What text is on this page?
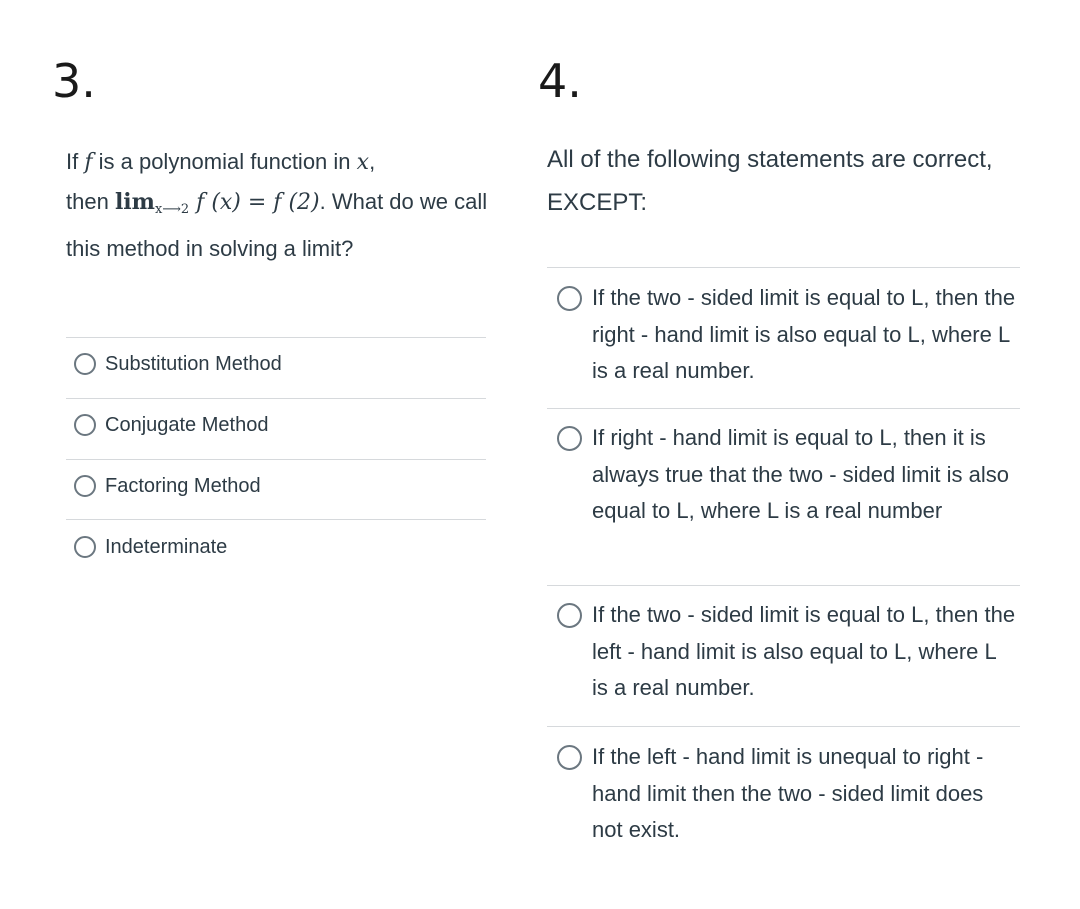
3.
If f is a polynomial function in x,
then $\lim_{x⟶2} f$ (x) = f (2). What do we call this method in solving a limit?
Substitution Method
Conjugate Method
Factoring Method
Indeterminate
4.
All of the following statements are correct, EXCEPT:
If the two - sided limit is equal to L, then the right - hand limit is also equal to L, where L is a real number.
If right - hand limit is equal to L, then it is always true that the two - sided limit is also equal to L, where L is a real number
If the two - sided limit is equal to L, then the left - hand limit is also equal to L, where L is a real number.
If the left - hand limit is unequal to right - hand limit then the two - sided limit does not exist.
